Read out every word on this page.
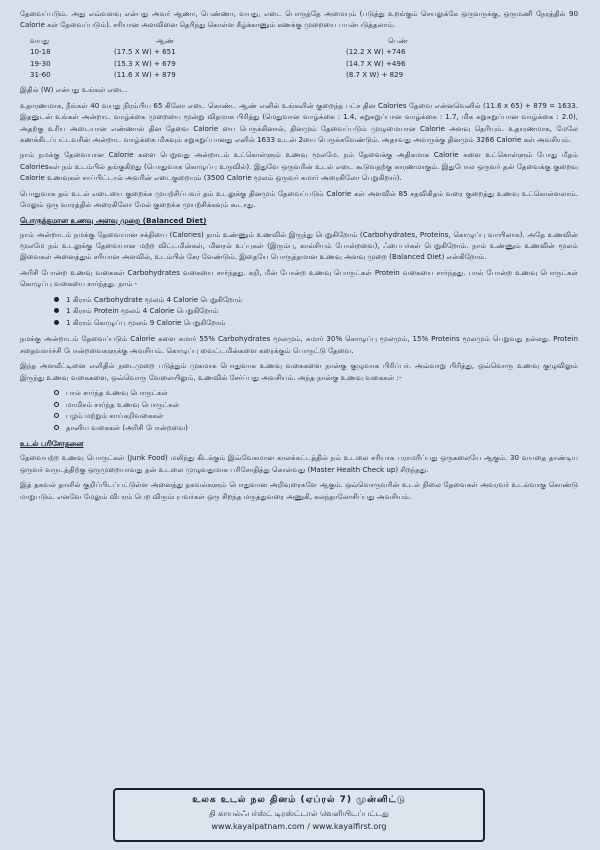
தேவைப்படும். அது எவ்வளவு என்பது அவர் ஆணா, பெண்ணா, வயது, எடை பொருத்தே அமையும் (படுத்து உறங்கும் செயலுக்கே ஒருவருக்கு, ஒருமணி நேரத்தில் 90 Calorie கள் தேவைப்படும்). சரியான அளவினை தெரிந்து கொள்ள கீழ்க்காணும் கணக்கு முறையை பயன்படுத்தலாம்.

வயது	ஆண்	பெண்
10-18	(17.5 X W) + 651	(12.2 X W) +746
19-30	(15.3 X W) + 679	(14.7 X W) +496
31-60	(11.6 X W) + 879	(8.7 X W) + 829

இதில் (W) என்பது உங்கள் எடை.

உதாரணமாக, நீங்கள் 40 வயது நிரம்பிய 65 கிலோ எடை கொண்ட ஆண் எனில் உங்களின் குறைந்த பட்ச தின Calories தேவை என்னவெனில் (11.6 x 65) + 879 = 1633. இதனுடன் உங்கள் அன்றாட வாழ்க்கை முறையை மூன்று விதமாக பிரித்து (மெதுவான வாழ்க்கை : 1.4, சுறுசுறுப்பான வாழ்க்கை : 1.7, மிக சுறுசுறுப்பான வாழ்க்கை : 2.0), அதற்கு உரிய அடையான எண்ணால் தின தேவை Calorie யை பெருக்கினால், தினமும் தேவைப்படும் முழுமையான Calorie அளவு தெரியும். உதாரணமாக, மேலே கணக்கிடப்பட்டவரின் அன்றாட வாழ்க்கை மிகவும் சுறுசுறுப்பானது எனில் 1633 உடன் 2யை பெருக்கவேண்டும். அதாவது அவருக்கு தினமும் 3266 Calorie கள் அவசியம்.

நாம் நமக்கு தேவையான Calorie களை பெறுவது அன்றாடம் உட்கொள்ளும் உணவு மூலமே. நம் தேவைக்கு அதிகமாக Calorie களை உட்கொள்ளும் போது மீதம் Caloriesகள் நம் உடம்பில் தங்குகிறது (பொதுவாக கொழுப்பு உருவில்). இதுவே ஒருவரின் உடல் எடை கூடுவதற்கு காரணமாகும். இதுபோல ஒருவர் தன் தேவைக்கு குறைவு Calorie உணவுகள் சாப்பிட்டால் அவரின் எடைகுறையும் (3500 Calorie மூலம் ஒருவர் சுமார் அரைகிலோ பெறுகிறார்).

பொதுவாக தம் உடல் எடையை குறைக்க முயற்சிப்பவர் தம் உடலுக்கு தினமும் தேவைப்படும் Calorie கள் அளவில் 85 சதவிகிதம் வரை குறைத்து உணவு உட்கொள்ளலாம். மேலும் ஒரு வாரத்தில் அரைகிலோ மேல் குறைக்க முயற்சிக்கவும் கூடாது.

பொருத்தமான உணவு அளவு முறை (Balanced Diet)

நாம் அன்றாடம் நமக்கு தேவையான சக்தியை (Calories) நாம் உண்ணும் உணவில் இருந்து பெறுகிறோம் (Carbohydrates, Proteins, கொழுப்பு வாயிலாக). அதே உணவின் மூலமே நம் உடலுக்கு தேவையான மற்ற விட்டமின்கள், மினரல் உப்புகள் (இரும்பு, கால்சியம் போன்றவை), ஃபைபர்கள் பெறுகிறோம். நாம் உண்ணும் உணவின் மூலம் இவைகள் அனைத்தும் சரியான அளவில், உடம்பில் சேர வேண்டும். இதையே பொருத்தமான உணவு அளவு முறை (Balanced Diet) என்கிறோம்.

அரிசி போன்ற உணவு வகைகள் Carbohydrates வகையை சார்ந்தது. கறி, மீன் போன்ற உணவு பொருட்கள் Protein வகையை சார்ந்தது. பால் போன்ற உணவு பொருட்கள் கொழுப்பு வகையை சார்ந்தது. நாம் -

1 கிராம் Carbohydrate மூலம் 4 Calorie பெறுகிறோம்
1 கிராம் Protein மூலம் 4 Calorie பெறுகிறோம்
1 கிராம் கொழுப்பு மூலம் 9 Calorie பெறுகிறோம்

நமக்கு அன்றாடம் தேவைப்படும் Calorie களை சுமார் 55% Carbohydrates மூலமும், சுமார் 30% கொழுப்பு மூலமும், 15% Proteins மூலமும் பெறுவது நல்லது. Protein சதைவளர்ச்சி போன்றவைகளுக்கு அவசியம். கொழுப்பு வைட்டமின்களை கரைக்கும் பொருட்டு தேவை.

இந்த அளவீட்டினை எளிதில் நடைமுறை படுத்தும் முகமாக பொதுவாக உணவு வகைகளை நான்கு குழுவாக பிரிப்பர். அவ்வாறு பிரித்து, ஒவ்வொரு உணவு குழுவிலும் இருந்து உணவு வகைகளை, ஒவ்வொரு வேலையிலும், உணவில் சேர்ப்பது அவசியம். அந்த நான்கு உணவு வகைகள் :-

பால் சார்ந்த உணவு பொருட்கள்
மாமிசம் சார்ந்த உணவு பொருட்கள்
பழம் மற்றும் காய்கறிவகைகள்
தானிய வகைகள் (அரிசி போன்றவை)
உடல் பரிசோதனை

தேவையற்ற உணவு பொருட்கள் (Junk Food) மலிந்து கிடக்கும் இவ்வேகமான காலக்கட்டத்தில் நம் உடலை சரியாக பராமரிப்பது ஒருகலையே ஆகும். 30 வயதை தாண்டிய ஒருவர் வருடத்திற்கு ஒருமுறையாவது தன் உடலை முழுவதுமாக பரிசோதித்து கொள்வது (Master Health Check up) சிறந்தது.

இத் தகவல் தாளில் குறிப்பிடப்பட்டுள்ள அனைத்து தகவல்களும் பொதுவான அறிவுரைகளே ஆகும். ஒவ்வொருவரின் உடல் நிலை தேவைகள் அவரவர் உடல்வாகு கொண்டு மாறுபடும். எனவே மேலும் விபரம் பெற விரும்புபவர்கள் ஒரு சிறந்த மருத்துவரை அணுகி, கலந்தாலோசிப்பது அவசியம்.

உலக உடல் நல தினம் (ஏப்ரல் 7) முன்னிட்டு
தி காயல்ஃபர்ஸ்ட் டிரஸ்ட்டால் வெளியிடப்பட்டது
www.kayalpatnam.com / www.kayalfirst.org
